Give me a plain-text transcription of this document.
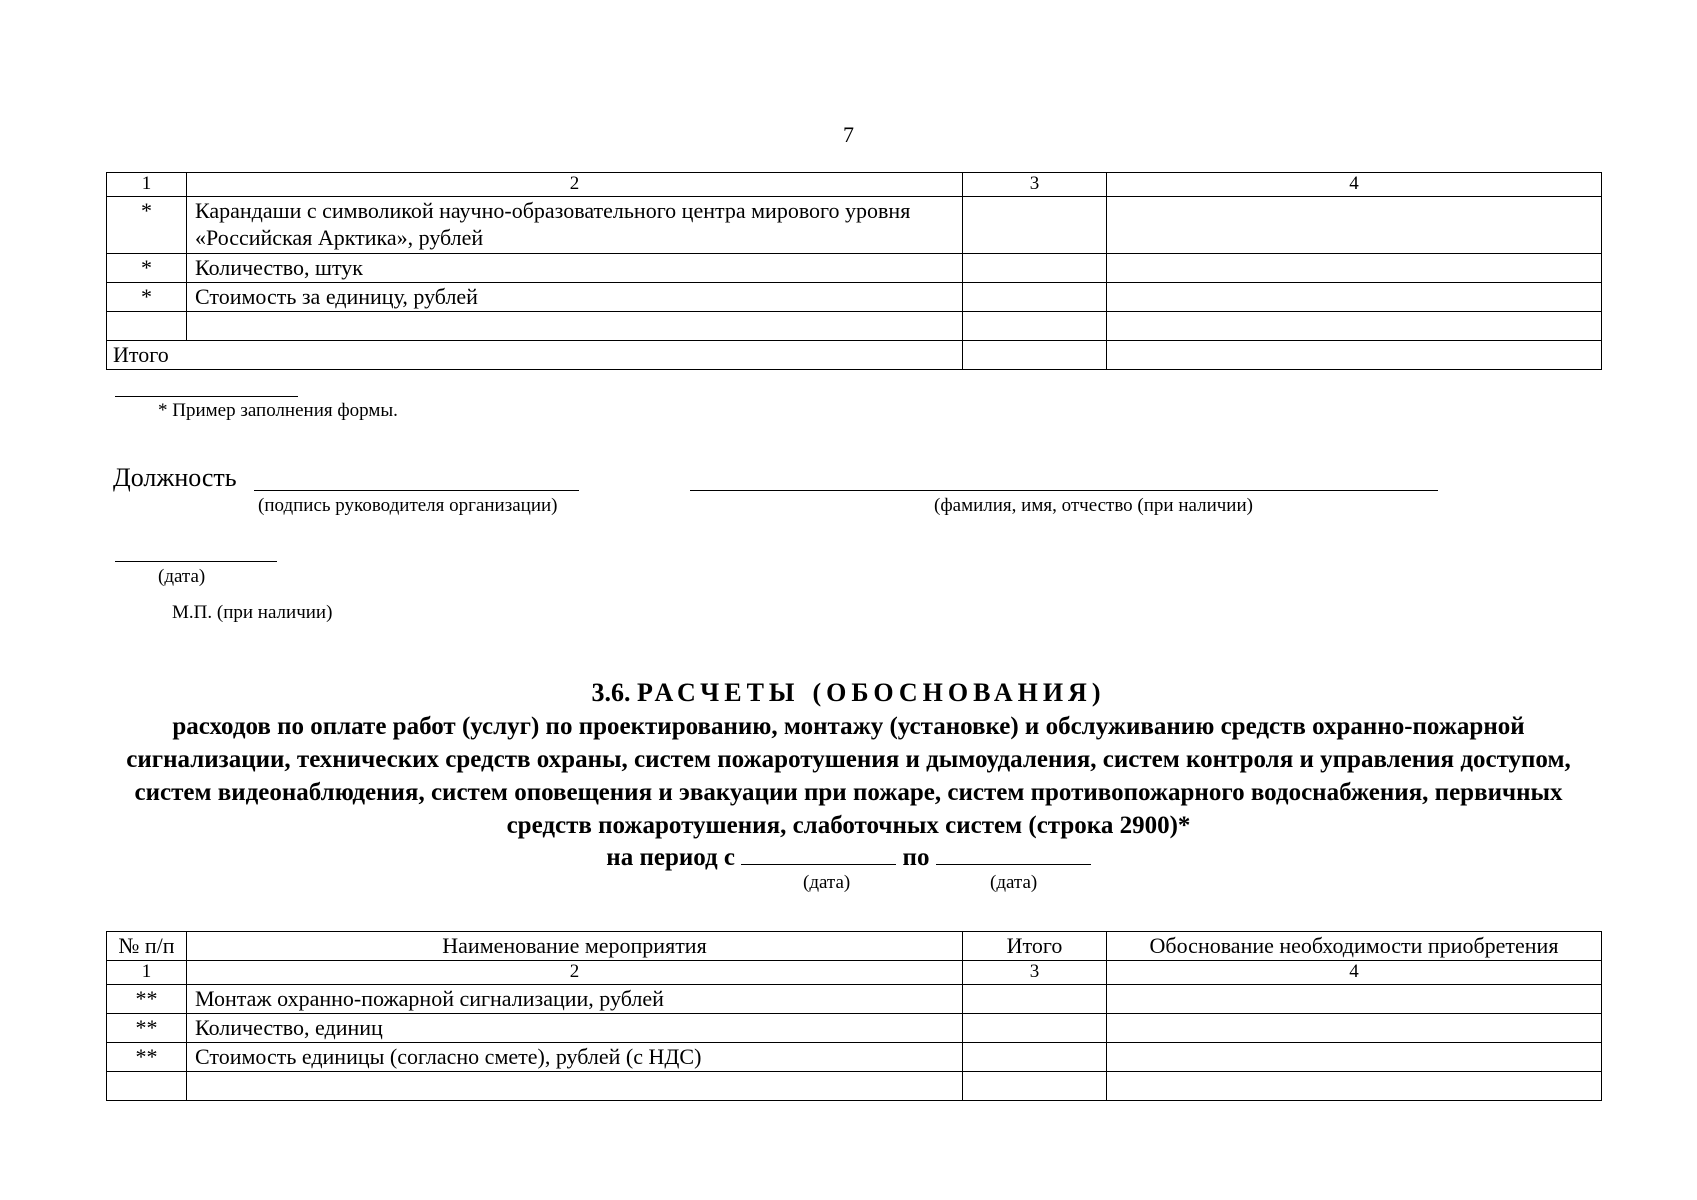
7
1	2	3	4
*	Карандаши с символикой научно-образовательного центра мирового уровня «Российская Арктика», рублей		
*	Количество, штук		
*	Стоимость за единицу, рублей		

Итого			
* Пример заполнения формы.
Должность
(подпись руководителя организации)	(фамилия, имя, отчество (при наличии)
(дата)
М.П. (при наличии)
3.6. РАСЧЕТЫ (ОБОСНОВАНИЯ)
расходов по оплате работ (услуг) по проектированию, монтажу (установке) и обслуживанию средств охранно-пожарной сигнализации, технических средств охраны, систем пожаротушения и дымоудаления, систем контроля и управления доступом, систем видеонаблюдения, систем оповещения и эвакуации при пожаре, систем противопожарного водоснабжения, первичных средств пожаротушения, слаботочных систем (строка 2900)*
на период с	по
(дата)	(дата)
№ п/п	Наименование мероприятия	Итого	Обоснование необходимости приобретения
1	2	3	4
**	Монтаж охранно-пожарной сигнализации, рублей		
**	Количество, единиц		
**	Стоимость единицы (согласно смете), рублей (с НДС)		
